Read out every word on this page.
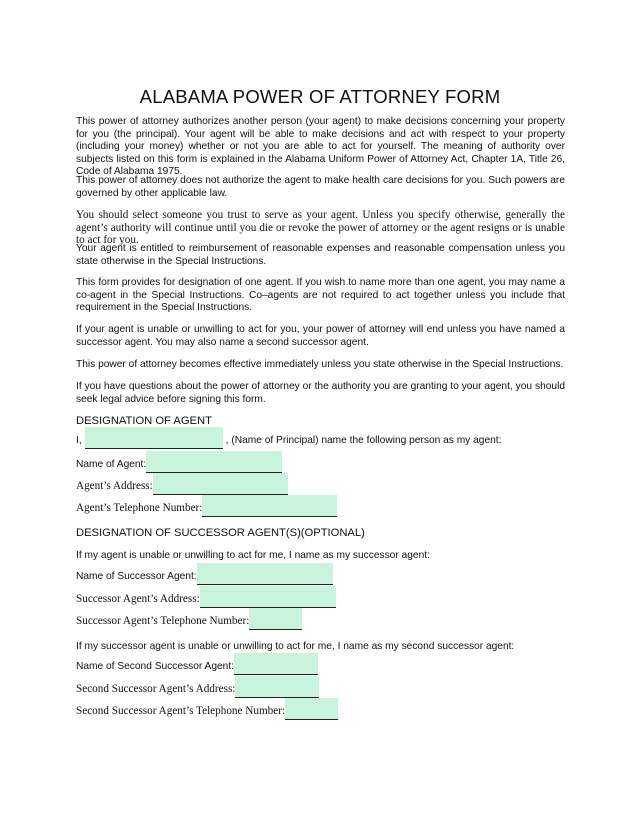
ALABAMA POWER OF ATTORNEY FORM

This power of attorney authorizes another person (your agent) to make decisions concerning your property for you (the principal). Your agent will be able to make decisions and act with respect to your property (including your money) whether or not you are able to act for yourself. The meaning of authority over subjects listed on this form is explained in the Alabama Uniform Power of Attorney Act, Chapter 1A, Title 26, Code of Alabama 1975.

This power of attorney does not authorize the agent to make health care decisions for you. Such powers are governed by other applicable law.

You should select someone you trust to serve as your agent. Unless you specify otherwise, generally the agent’s authority will continue until you die or revoke the power of attorney or the agent resigns or is unable to act for you.

Your agent is entitled to reimbursement of reasonable expenses and reasonable compensation unless you state otherwise in the Special Instructions.

This form provides for designation of one agent. If you wish to name more than one agent, you may name a co-agent in the Special Instructions. Co–agents are not required to act together unless you include that requirement in the Special Instructions.

If your agent is unable or unwilling to act for you, your power of attorney will end unless you have named a successor agent. You may also name a second successor agent.

This power of attorney becomes effective immediately unless you state otherwise in the Special Instructions.

If you have questions about the power of attorney or the authority you are granting to your agent, you should seek legal advice before signing this form.

DESIGNATION OF AGENT
I,	, (Name of Principal) name the following person as my agent:
Name of Agent:
Agent’s Address:
Agent’s Telephone Number:
DESIGNATION OF SUCCESSOR AGENT(S)(OPTIONAL)

If my agent is unable or unwilling to act for me, I name as my successor agent:

Name of Successor Agent:
Successor Agent’s Address:
Successor Agent’s Telephone Number:

If my successor agent is unable or unwilling to act for me, I name as my second successor agent:

Name of Second Successor Agent:
Second Successor Agent’s Address:
Second Successor Agent’s Telephone Number:
